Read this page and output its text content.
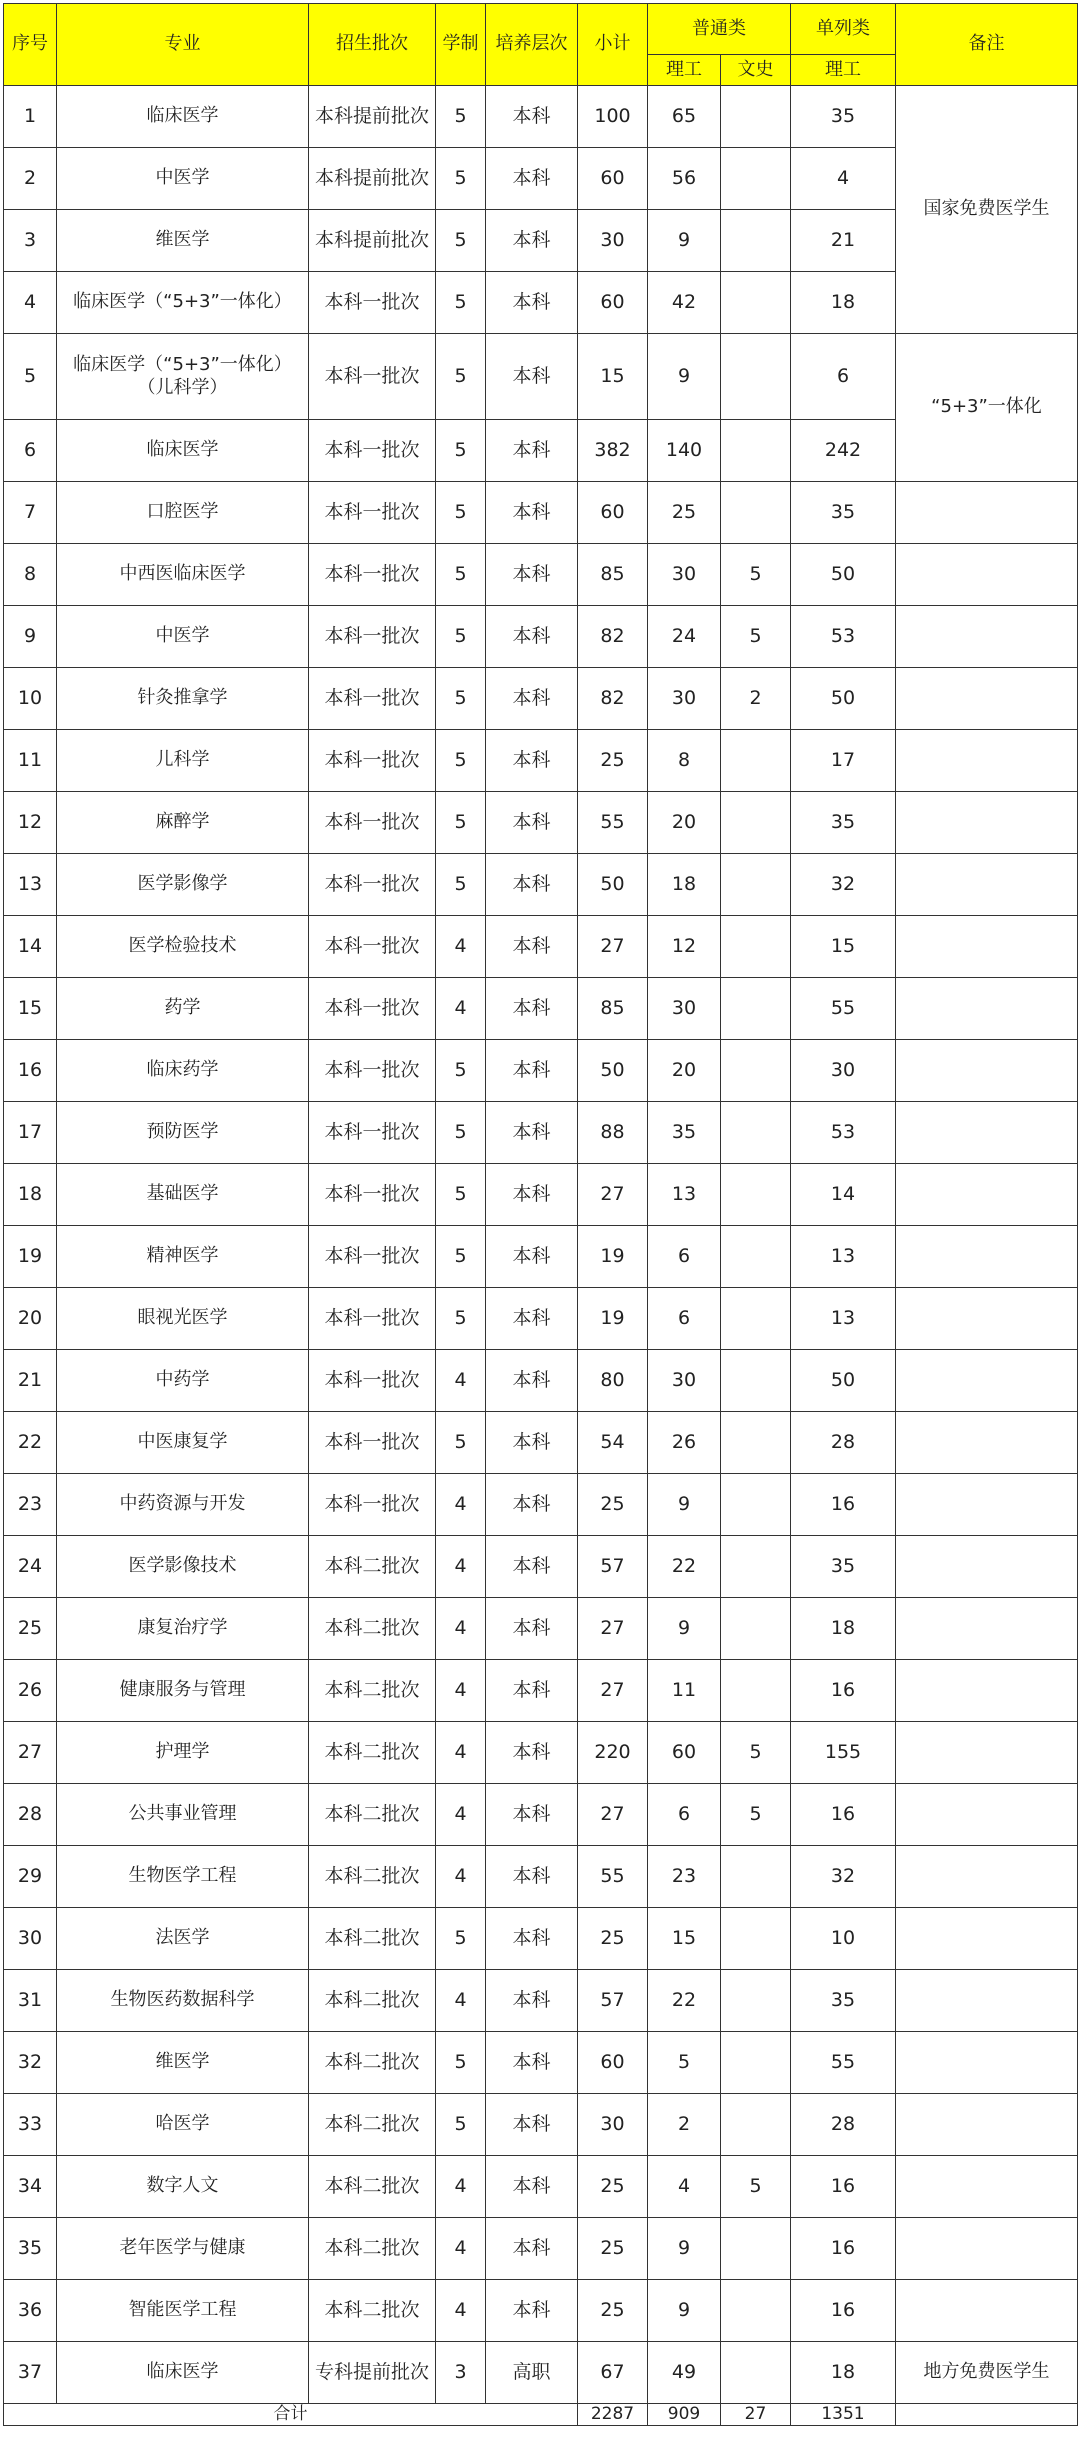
序号	专业	招生批次	学制	培养层次	小计	普通类		单列类	备注
						理工	文史	理工	
1	临床医学	本科提前批次	5	本科	100	65		35	国家免费医学生
2	中医学	本科提前批次	5	本科	60	56		4	
3	维医学	本科提前批次	5	本科	30	9		21	
4	临床医学（“5+3”一体化）	本科一批次	5	本科	60	42		18	
5	临床医学（“5+3”一体化）（儿科学）	本科一批次	5	本科	15	9		6	“5+3”一体化
6	临床医学	本科一批次	5	本科	382	140		242	
7	口腔医学	本科一批次	5	本科	60	25		35	
8	中西医临床医学	本科一批次	5	本科	85	30	5	50	
9	中医学	本科一批次	5	本科	82	24	5	53	
10	针灸推拿学	本科一批次	5	本科	82	30	2	50	
11	儿科学	本科一批次	5	本科	25	8		17	
12	麻醉学	本科一批次	5	本科	55	20		35	
13	医学影像学	本科一批次	5	本科	50	18		32	
14	医学检验技术	本科一批次	4	本科	27	12		15	
15	药学	本科一批次	4	本科	85	30		55	
16	临床药学	本科一批次	5	本科	50	20		30	
17	预防医学	本科一批次	5	本科	88	35		53	
18	基础医学	本科一批次	5	本科	27	13		14	
19	精神医学	本科一批次	5	本科	19	6		13	
20	眼视光医学	本科一批次	5	本科	19	6		13	
21	中药学	本科一批次	4	本科	80	30		50	
22	中医康复学	本科一批次	5	本科	54	26		28	
23	中药资源与开发	本科一批次	4	本科	25	9		16	
24	医学影像技术	本科二批次	4	本科	57	22		35	
25	康复治疗学	本科二批次	4	本科	27	9		18	
26	健康服务与管理	本科二批次	4	本科	27	11		16	
27	护理学	本科二批次	4	本科	220	60	5	155	
28	公共事业管理	本科二批次	4	本科	27	6	5	16	
29	生物医学工程	本科二批次	4	本科	55	23		32	
30	法医学	本科二批次	5	本科	25	15		10	
31	生物医药数据科学	本科二批次	4	本科	57	22		35	
32	维医学	本科二批次	5	本科	60	5		55	
33	哈医学	本科二批次	5	本科	30	2		28	
34	数字人文	本科二批次	4	本科	25	4	5	16	
35	老年医学与健康	本科二批次	4	本科	25	9		16	
36	智能医学工程	本科二批次	4	本科	25	9		16	
37	临床医学	专科提前批次	3	高职	67	49		18	地方免费医学生
合计					2287	909	27	1351	
